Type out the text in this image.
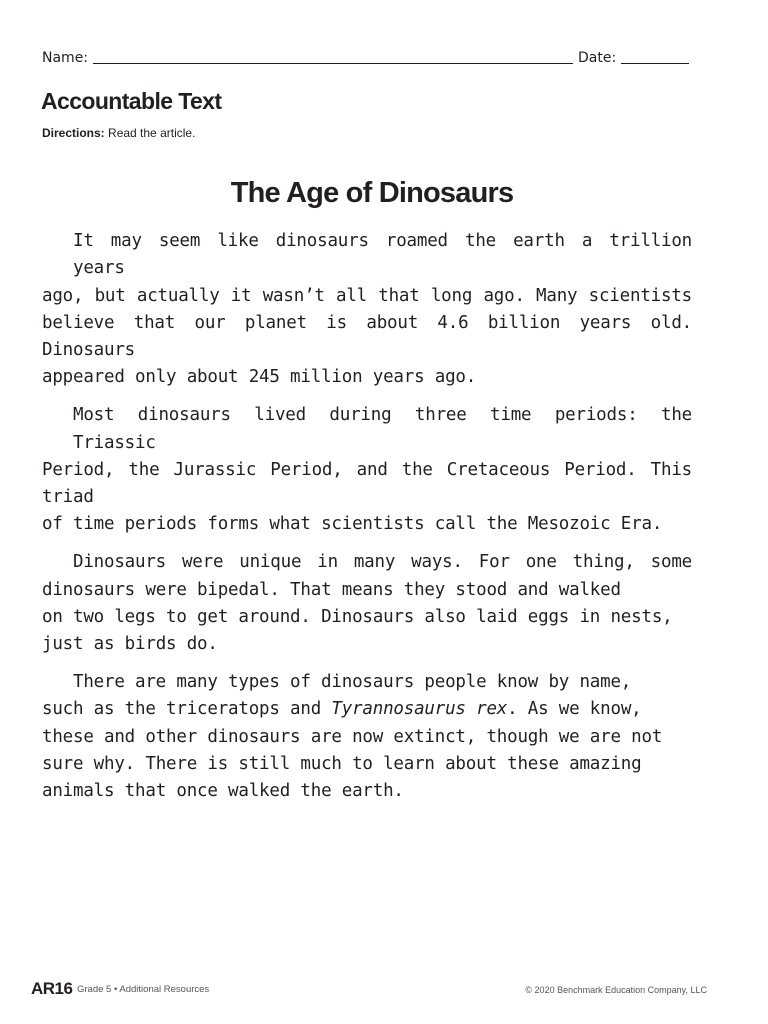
Name:	Date:
Accountable Text
Directions: Read the article.
The Age of Dinosaurs

It may seem like dinosaurs roamed the earth a trillion years
ago, but actually it wasn’t all that long ago. Many scientists
believe that our planet is about 4.6 billion years old. Dinosaurs
appeared only about 245 million years ago.

Most dinosaurs lived during three time periods: the Triassic
Period, the Jurassic Period, and the Cretaceous Period. This triad
of time periods forms what scientists call the Mesozoic Era.

Dinosaurs were unique in many ways. For one thing, some
dinosaurs were bipedal. That means they stood and walked
on two legs to get around. Dinosaurs also laid eggs in nests,
just as birds do.

There are many types of dinosaurs people know by name,
such as the triceratops and Tyrannosaurus rex. As we know,
these and other dinosaurs are now extinct, though we are not
sure why. There is still much to learn about these amazing
animals that once walked the earth.

AR16 Grade 5 • Additional Resources	© 2020 Benchmark Education Company, LLC
